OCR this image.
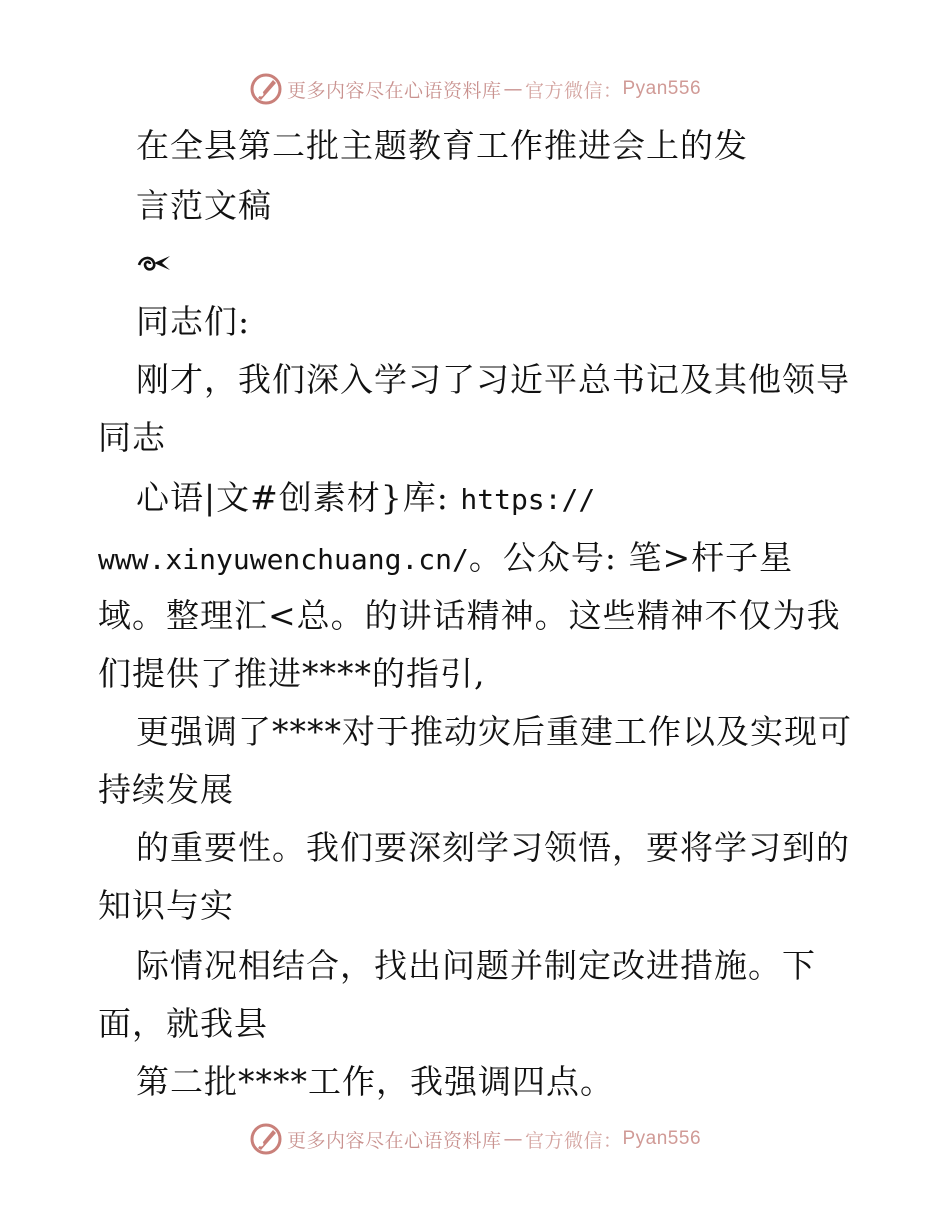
更多内容尽在心语资料库 — 官方微信： Pyan556
在全县第二批主题教育工作推进会上的发
言范文稿
同志们:
刚才，我们深入学习了习近平总书记及其他领导
同志
心语|文#创素材}库: https://
www.xinyuwenchuang.cn/。公众号: 笔>杆子星
域。整理汇<总。的讲话精神。这些精神不仅为我
们提供了推进****的指引,
更强调了****对于推动灾后重建工作以及实现可
持续发展
的重要性。我们要深刻学习领悟，要将学习到的
知识与实
际情况相结合，找出问题并制定改进措施。下
面，就我县
第二批****工作，我强调四点。
更多内容尽在心语资料库 — 官方微信： Pyan556
